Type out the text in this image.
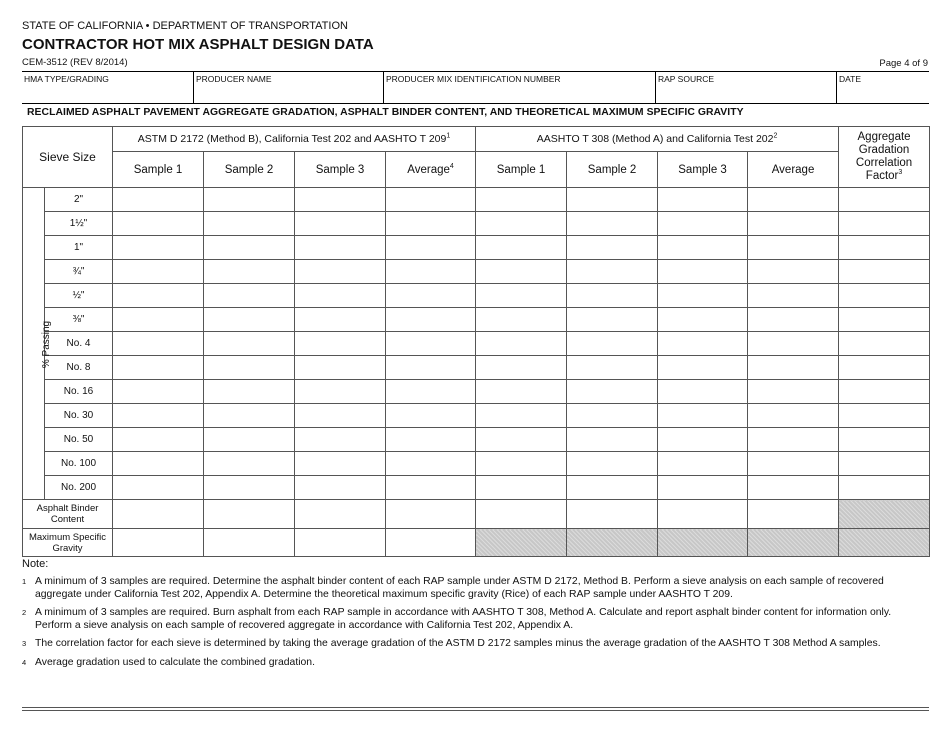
STATE OF CALIFORNIA • DEPARTMENT OF TRANSPORTATION
CONTRACTOR HOT MIX ASPHALT DESIGN DATA
CEM-3512 (REV 8/2014)	Page 4 of 9
HMA TYPE/GRADING	PRODUCER NAME	PRODUCER MIX IDENTIFICATION NUMBER	RAP SOURCE	DATE
RECLAIMED ASPHALT PAVEMENT AGGREGATE GRADATION, ASPHALT BINDER CONTENT, AND THEORETICAL MAXIMUM SPECIFIC GRAVITY
Sieve Size		ASTM D 2172 (Method B), California Test 202 and AASHTO T $209^1$				AASHTO T 308 (Method A) and California Test $202^2$				Aggregate Gradation Correlation Factor$^3$
		Sample 1	Sample 2	Sample 3	Average$^4$	Sample 1	Sample 2	Sample 3	Average	
% Passing	2"									
	1½"									
	1"									
	¾"									
	½"									
	⅜"									
	No. 4									
	No. 8									
	No. 16									
	No. 30									
	No. 50									
	No. 100									
	No. 200									
Asphalt Binder Content										
Maximum Specific Gravity										
Note:
1 A minimum of 3 samples are required. Determine the asphalt binder content of each RAP sample under ASTM D 2172, Method B. Perform a sieve analysis on each sample of recovered aggregate under California Test 202, Appendix A. Determine the theoretical maximum specific gravity (Rice) of each RAP sample under AASHTO T 209.
2 A minimum of 3 samples are required. Burn asphalt from each RAP sample in accordance with AASHTO T 308, Method A. Calculate and report asphalt binder content for information only. Perform a sieve analysis on each sample of recovered aggregate in accordance with California Test 202, Appendix A.
3 The correlation factor for each sieve is determined by taking the average gradation of the ASTM D 2172 samples minus the average gradation of the AASHTO T 308 Method A samples.
4 Average gradation used to calculate the combined gradation.
